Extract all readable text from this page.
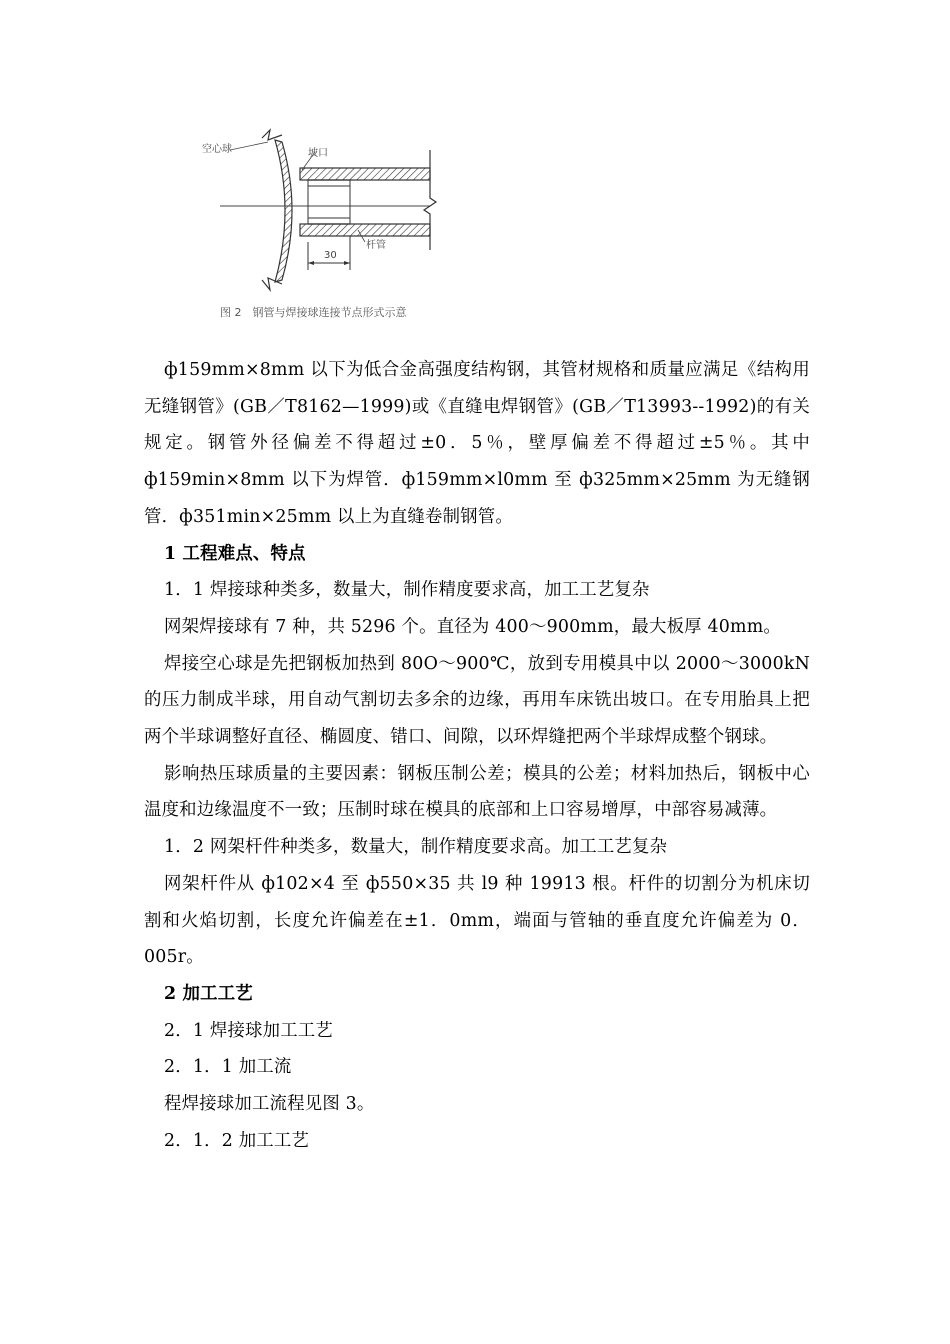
空心球	坡口
杆管
30
图 2　钢管与焊接球连接节点形式示意

ф159mm×8mm 以下为低合金高强度结构钢，其管材规格和质量应满足《结构用无缝钢管》(GB／T8162—1999)或《直缝电焊钢管》(GB／T13993--1992)的有关规定。钢管外径偏差不得超过±0．5％，壁厚偏差不得超过±5％。其中ф159min×8mm 以下为焊管．ф159mm×l0mm 至 ф325mm×25mm 为无缝钢管．ф351min×25mm 以上为直缝卷制钢管。

1 工程难点、特点

1．1 焊接球种类多，数量大，制作精度要求高，加工工艺复杂

网架焊接球有 7 种，共 5296 个。直径为 400～900mm，最大板厚 40mm。

焊接空心球是先把钢板加热到 80O～900℃，放到专用模具中以 2000～3000kN 的压力制成半球，用自动气割切去多余的边缘，再用车床铣出坡口。在专用胎具上把两个半球调整好直径、椭圆度、错口、间隙，以环焊缝把两个半球焊成整个钢球。

影响热压球质量的主要因素：钢板压制公差；模具的公差；材料加热后，钢板中心温度和边缘温度不一致；压制时球在模具的底部和上口容易增厚，中部容易减薄。

1．2 网架杆件种类多，数量大，制作精度要求高。加工工艺复杂

网架杆件从 ф102×4 至 ф550×35 共 l9 种 19913 根。杆件的切割分为机床切割和火焰切割，长度允许偏差在±1．0mm，端面与管轴的垂直度允许偏差为 0．005r。

2 加工工艺

2．1 焊接球加工工艺

2．1．1 加工流

程焊接球加工流程见图 3。

2．1．2 加工工艺
